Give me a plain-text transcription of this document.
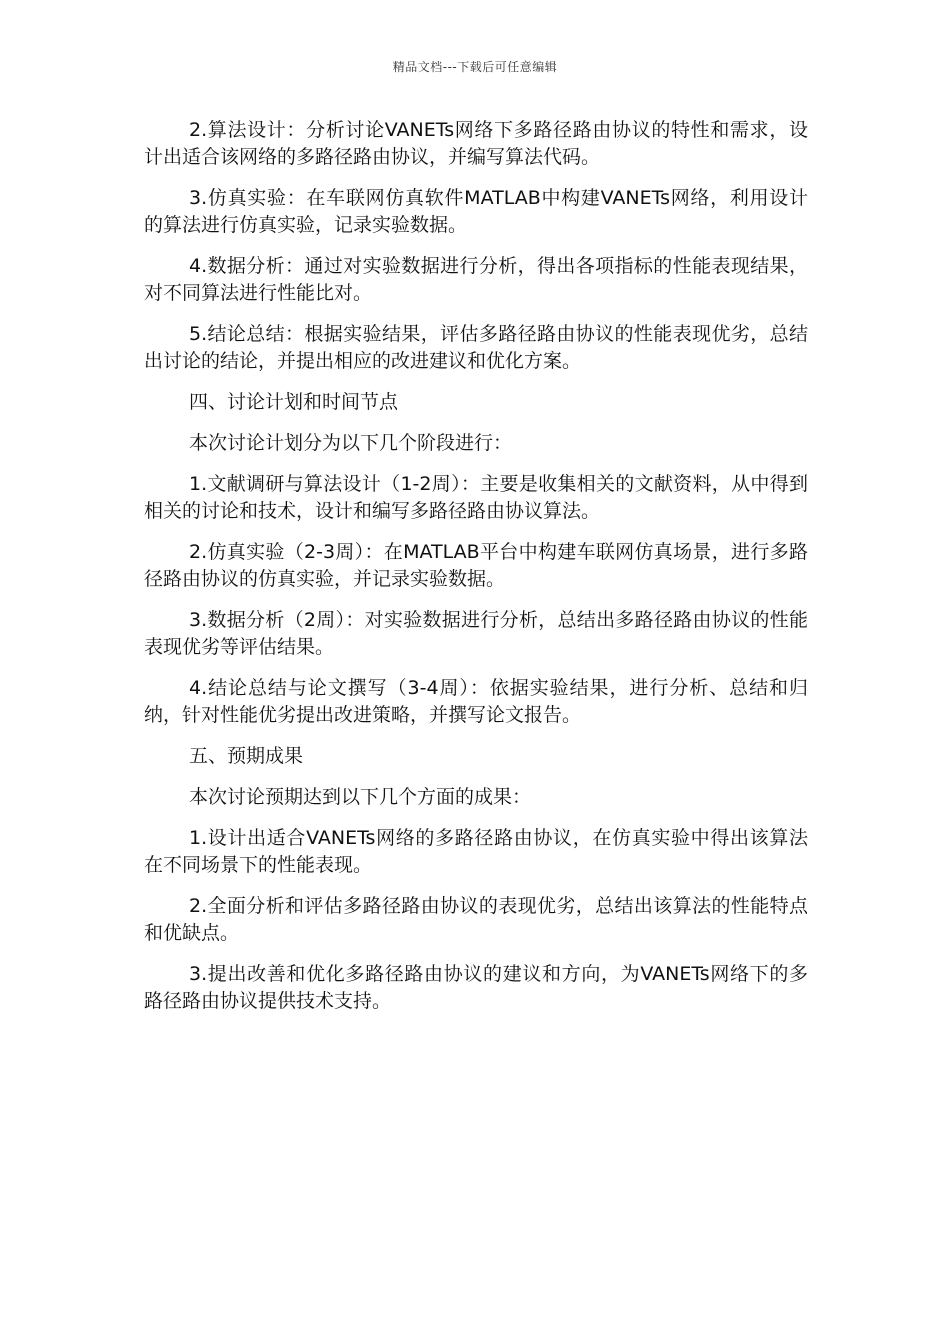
精品文档---下载后可任意编辑

2.算法设计：分析讨论VANETs网络下多路径路由协议的特性和需求，设计出适合该网络的多路径路由协议，并编写算法代码。

3.仿真实验：在车联网仿真软件MATLAB中构建VANETs网络，利用设计的算法进行仿真实验，记录实验数据。

4.数据分析：通过对实验数据进行分析，得出各项指标的性能表现结果，对不同算法进行性能比对。

5.结论总结：根据实验结果，评估多路径路由协议的性能表现优劣，总结出讨论的结论，并提出相应的改进建议和优化方案。

四、讨论计划和时间节点

本次讨论计划分为以下几个阶段进行：

1.文献调研与算法设计（1-2周）：主要是收集相关的文献资料，从中得到相关的讨论和技术，设计和编写多路径路由协议算法。

2.仿真实验（2-3周）：在MATLAB平台中构建车联网仿真场景，进行多路径路由协议的仿真实验，并记录实验数据。

3.数据分析（2周）：对实验数据进行分析，总结出多路径路由协议的性能表现优劣等评估结果。

4.结论总结与论文撰写（3-4周）：依据实验结果，进行分析、总结和归纳，针对性能优劣提出改进策略，并撰写论文报告。

五、预期成果

本次讨论预期达到以下几个方面的成果：

1.设计出适合VANETs网络的多路径路由协议，在仿真实验中得出该算法在不同场景下的性能表现。

2.全面分析和评估多路径路由协议的表现优劣，总结出该算法的性能特点和优缺点。

3.提出改善和优化多路径路由协议的建议和方向，为VANETs网络下的多路径路由协议提供技术支持。
